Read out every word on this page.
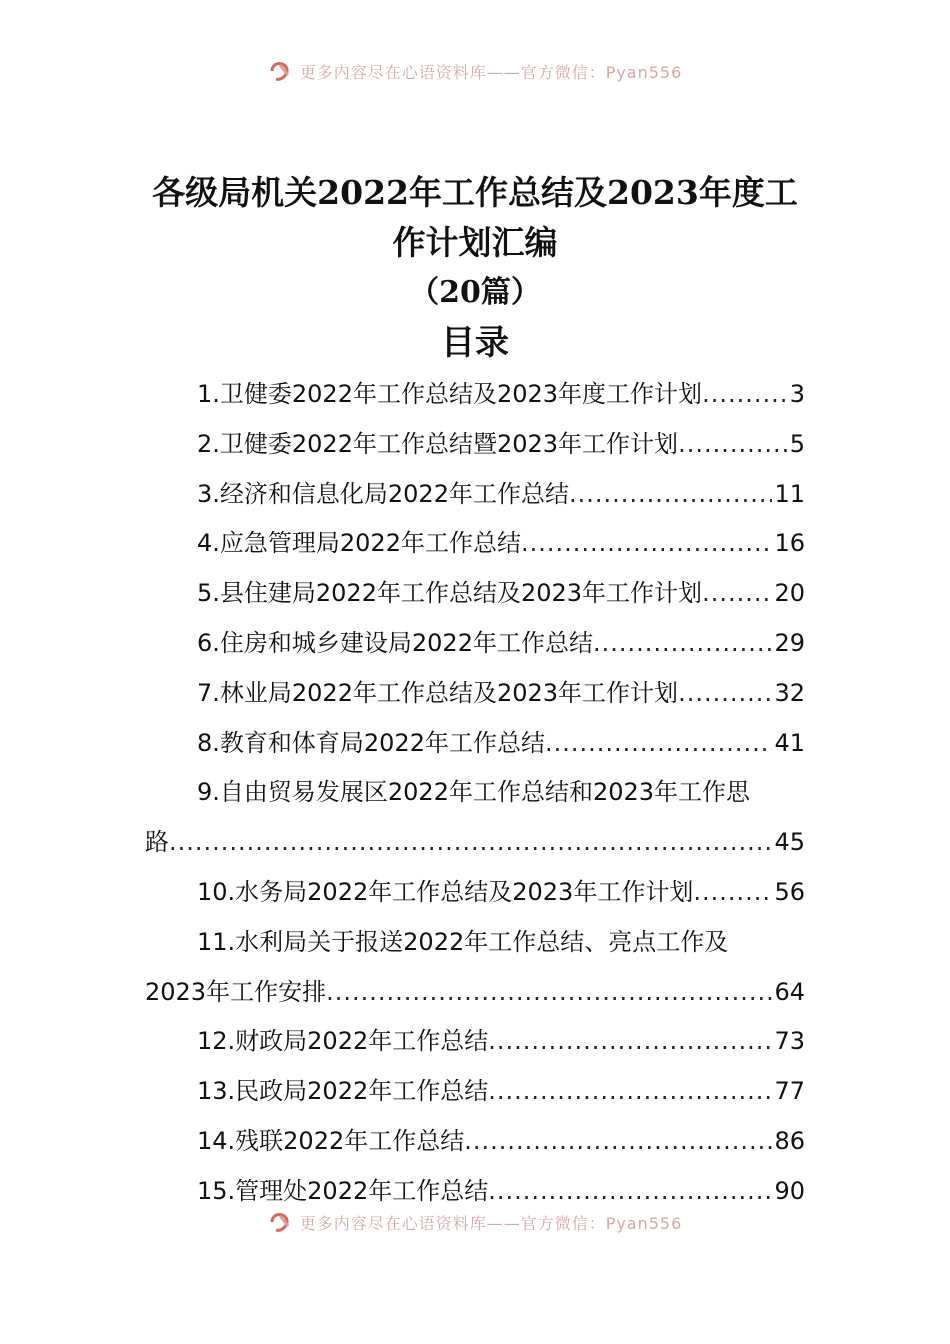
更多内容尽在心语资料库——官方微信：Pyan556
各级局机关2022年工作总结及2023年度工
作计划汇编
（20篇）
目录
1.卫健委2022年工作总结及2023年度工作计划 .....	3
2.卫健委2022年工作总结暨2023年工作计划 .....	5
3.经济和信息化局2022年工作总结 .....	11
4.应急管理局2022年工作总结 .....	16
5.县住建局2022年工作总结及2023年工作计划 .....	20
6.住房和城乡建设局2022年工作总结 .....	29
7.林业局2022年工作总结及2023年工作计划 .....	32
8.教育和体育局2022年工作总结 .....	41
9.自由贸易发展区2022年工作总结和2023年工作思
路 .....	45
10.水务局2022年工作总结及2023年工作计划 .....	56
11.水利局关于报送2022年工作总结、亮点工作及
2023年工作安排 .....	64
12.财政局2022年工作总结 .....	73
13.民政局2022年工作总结 .....	77
14.残联2022年工作总结 .....	86
15.管理处2022年工作总结 .....	90
更多内容尽在心语资料库——官方微信：Pyan556
